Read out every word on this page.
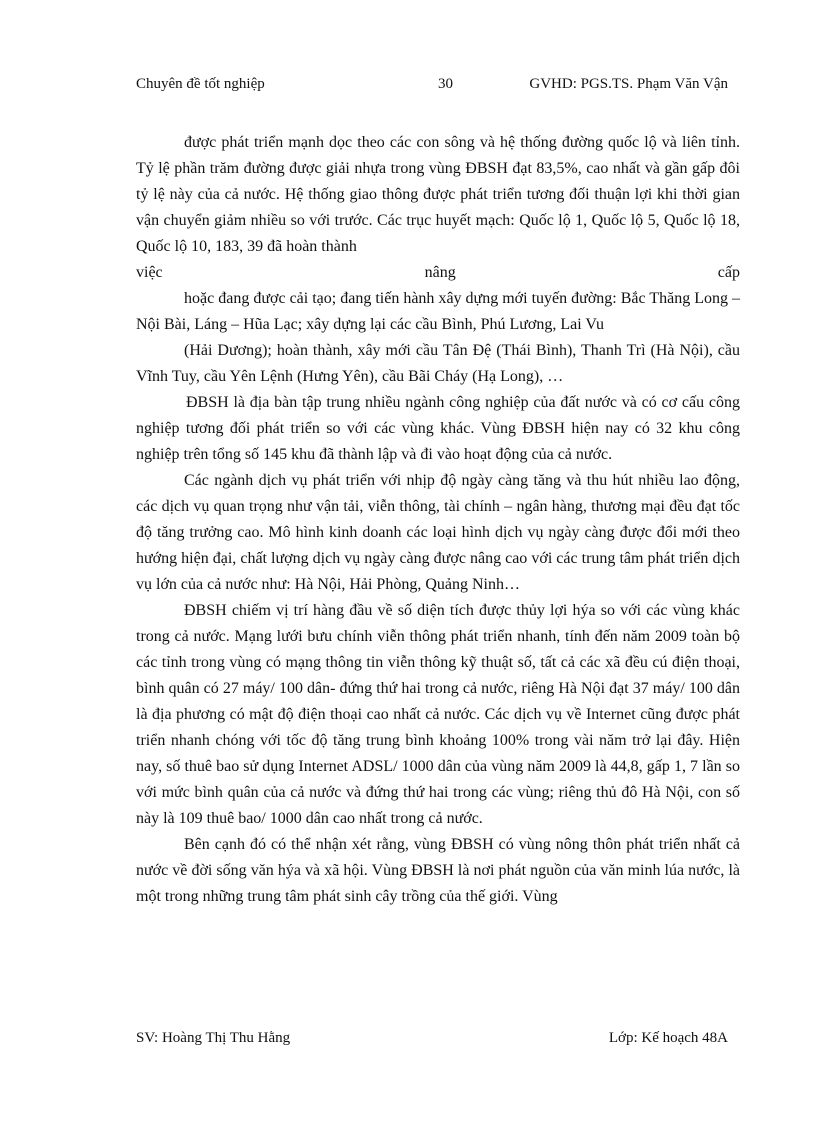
Chuyên đề tốt nghiệp	30	GVHD: PGS.TS. Phạm Văn Vận

được phát triển mạnh dọc theo các con sông và hệ thống đường quốc lộ và liên tỉnh. Tỷ lệ phần trăm đường được giải nhựa trong vùng ĐBSH đạt 83,5%, cao nhất và gần gấp đôi tỷ lệ này của cả nước. Hệ thống giao thông được phát triển tương đối thuận lợi khi thời gian vận chuyển giảm nhiều so với trước. Các trục huyết mạch: Quốc lộ 1, Quốc lộ 5, Quốc lộ 18, Quốc lộ 10, 183, 39 đã hoàn thành

việc	nâng	cấp

hoặc đang được cải tạo; đang tiến hành xây dựng mới tuyến đường: Bắc Thăng Long – Nội Bài, Láng – Hũa Lạc; xây dựng lại các cầu Bình, Phú Lương, Lai Vu

(Hải Dương); hoàn thành, xây mới cầu Tân Đệ (Thái Bình), Thanh Trì (Hà Nội), cầu Vĩnh Tuy, cầu Yên Lệnh (Hưng Yên), cầu Bãi Cháy (Hạ Long), …

ĐBSH là địa bàn tập trung nhiều ngành công nghiệp của đất nước và có cơ cấu công nghiệp tương đối phát triển so với các vùng khác. Vùng ĐBSH hiện nay có 32 khu công nghiệp trên tổng số 145 khu đã thành lập và đi vào hoạt động của cả nước.

Các ngành dịch vụ phát triển với nhịp độ ngày càng tăng và thu hút nhiều lao động, các dịch vụ quan trọng như vận tải, viễn thông, tài chính – ngân hàng, thương mại đều đạt tốc độ tăng trưởng cao. Mô hình kinh doanh các loại hình dịch vụ ngày càng được đổi mới theo hướng hiện đại, chất lượng dịch vụ ngày càng được nâng cao với các trung tâm phát triển dịch vụ lớn của cả nước như: Hà Nội, Hải Phòng, Quảng Ninh…

ĐBSH chiếm vị trí hàng đầu về số diện tích được thủy lợi hýa so với các vùng khác trong cả nước. Mạng lưới bưu chính viễn thông phát triển nhanh, tính đến năm 2009 toàn bộ các tỉnh trong vùng có mạng thông tin viễn thông kỹ thuật số, tất cả các xã đều cú điện thoại, bình quân có 27 máy/ 100 dân- đứng thứ hai trong cả nước, riêng Hà Nội đạt 37 máy/ 100 dân là địa phương có mật độ điện thoại cao nhất cả nước. Các dịch vụ về Internet cũng được phát triển nhanh chóng với tốc độ tăng trung bình khoảng 100% trong vài năm trở lại đây. Hiện nay, số thuê bao sử dụng Internet ADSL/ 1000 dân của vùng năm 2009 là 44,8, gấp 1, 7 lần so với mức bình quân của cả nước và đứng thứ hai trong các vùng; riêng thủ đô Hà Nội, con số này là 109 thuê bao/ 1000 dân cao nhất trong cả nước.

Bên cạnh đó có thể nhận xét rằng, vùng ĐBSH có vùng nông thôn phát triển nhất cả nước về đời sống văn hýa và xã hội. Vùng ĐBSH là nơi phát nguồn của văn minh lúa nước, là một trong những trung tâm phát sinh cây trồng của thế giới. Vùng

SV: Hoàng Thị Thu Hằng	Lớp: Kế hoạch 48A
